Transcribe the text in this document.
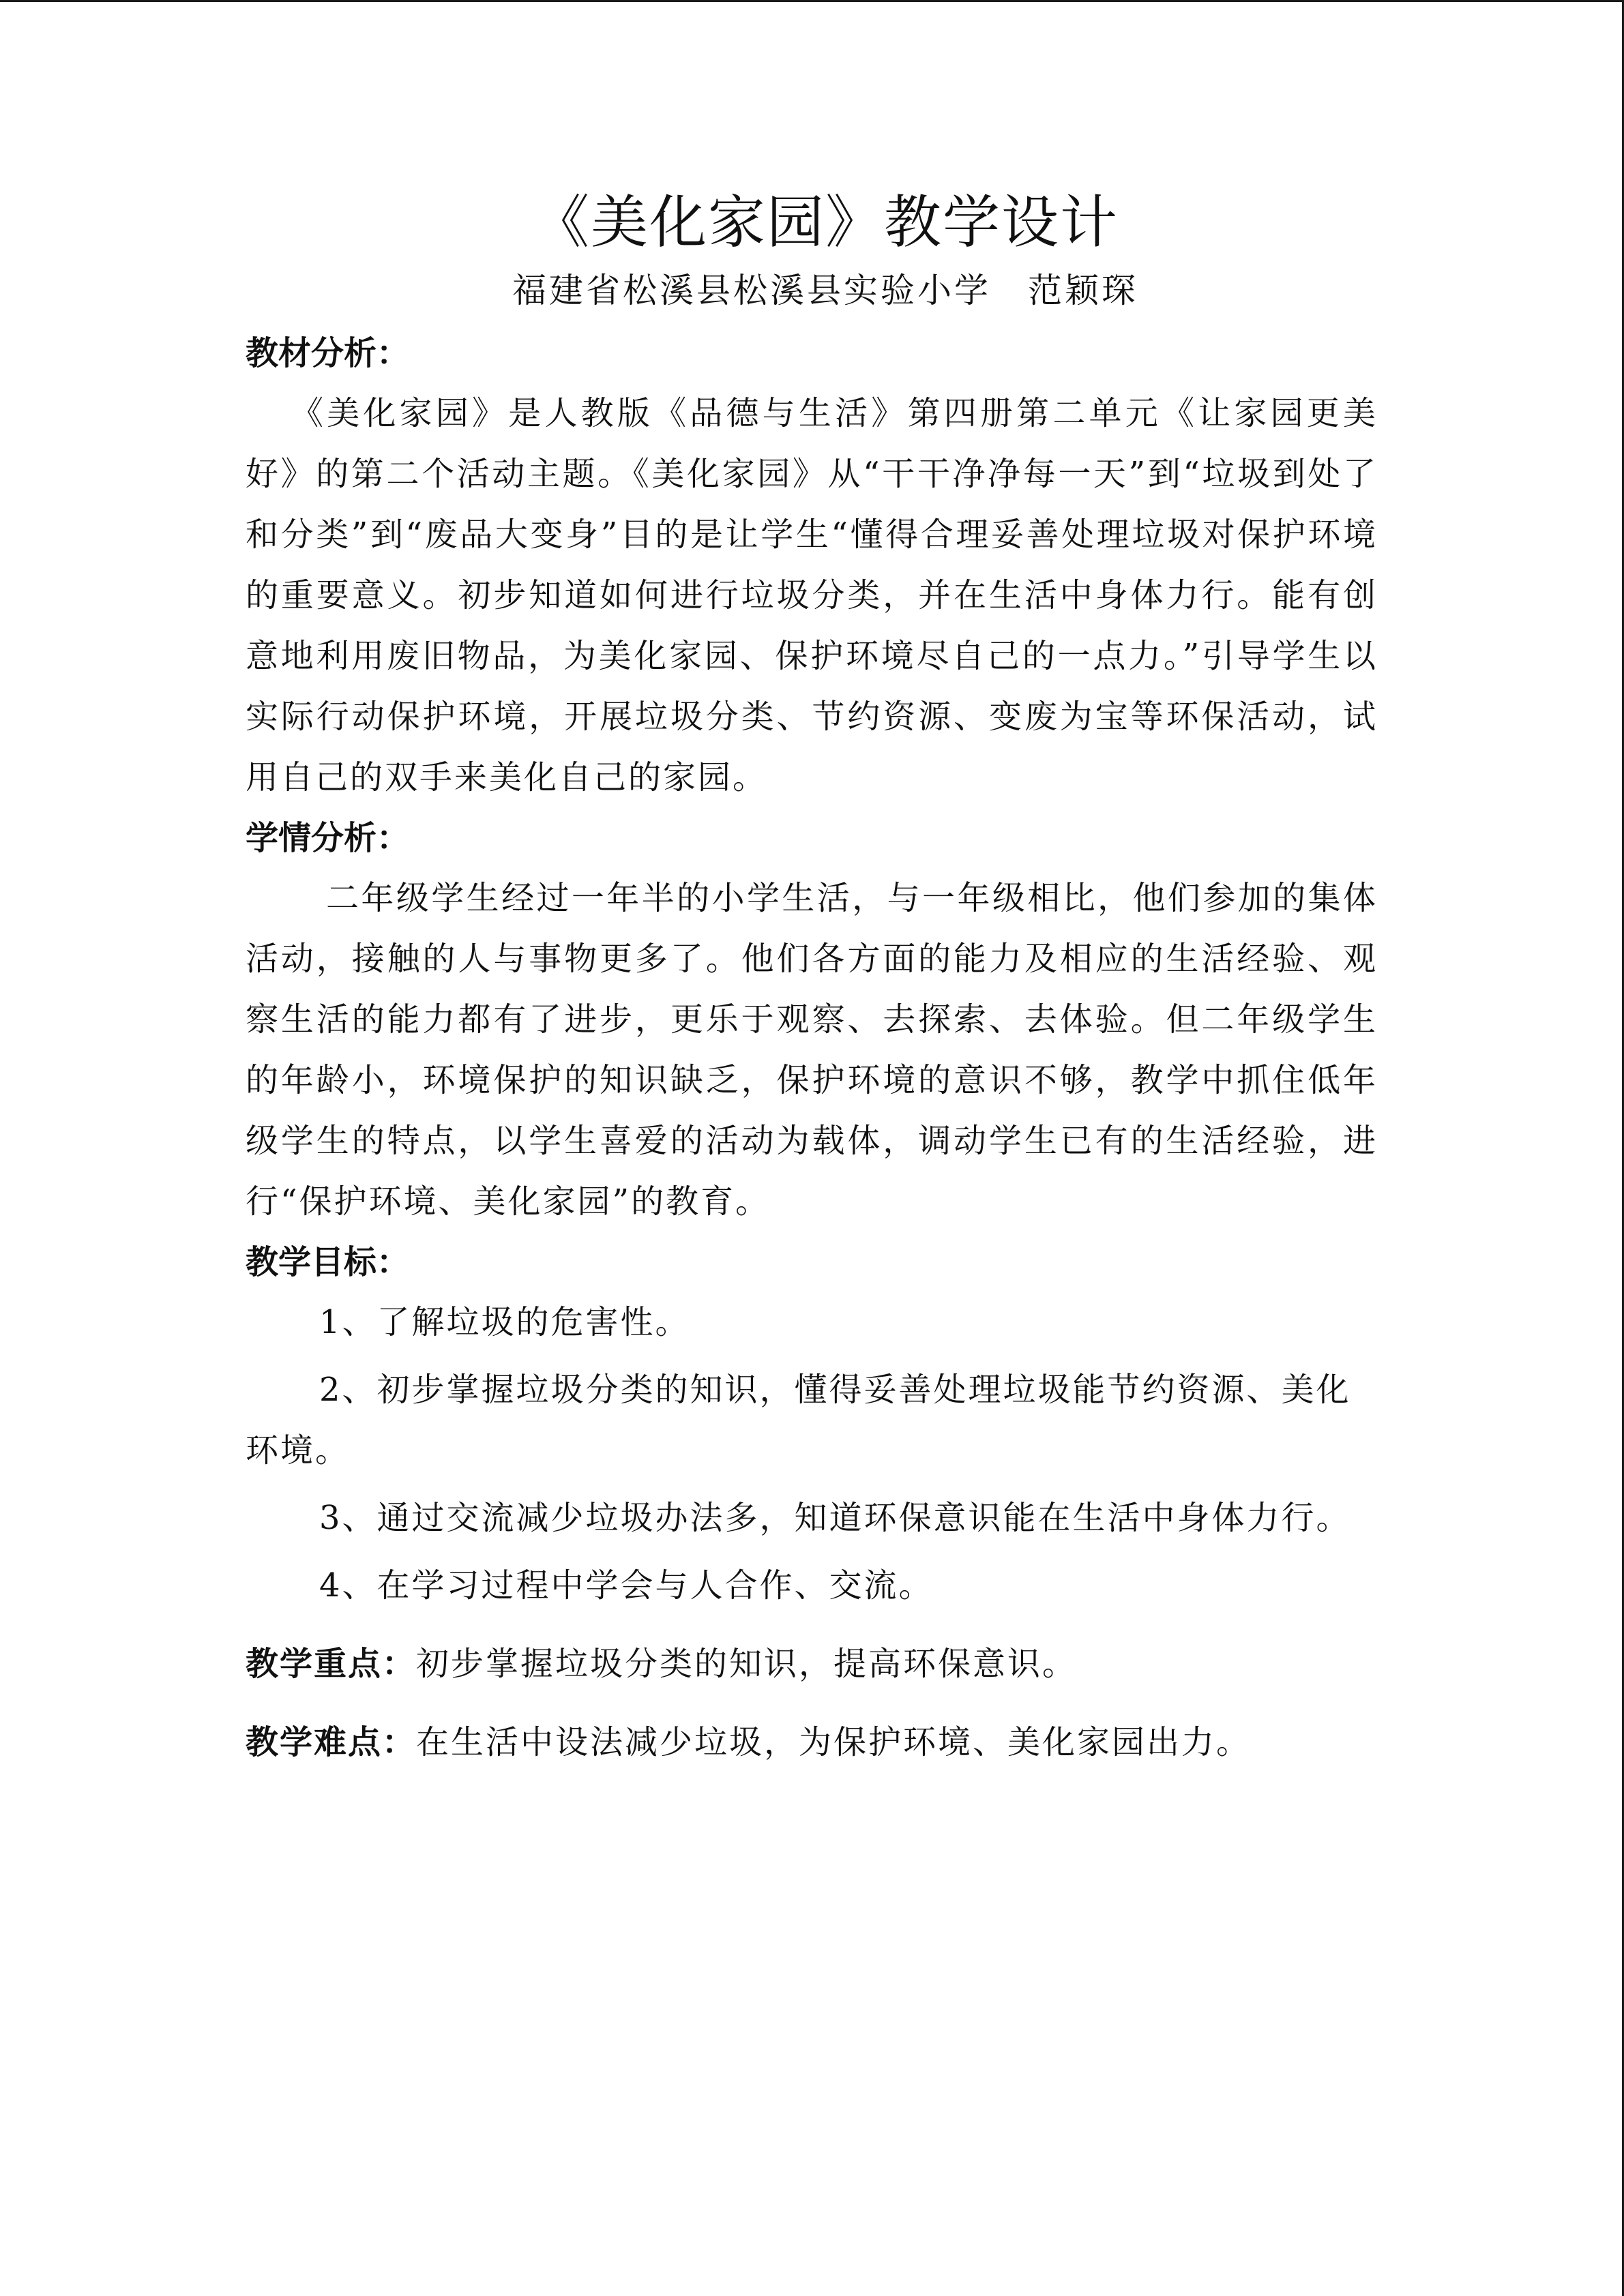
《美化家园》教学设计
福建省松溪县松溪县实验小学　范颖琛
教材分析：

《美化家园》是人教版《品德与生活》第四册第二单元《让家园更美好》的第二个活动主题。《美化家园》从“干干净净每一天”到“垃圾到处了和分类”到“废品大变身”目的是让学生“懂得合理妥善处理垃圾对保护环境的重要意义。初步知道如何进行垃圾分类，并在生活中身体力行。能有创意地利用废旧物品，为美化家园、保护环境尽自己的一点力。”引导学生以实际行动保护环境，开展垃圾分类、节约资源、变废为宝等环保活动，试用自己的双手来美化自己的家园。

学情分析：

二年级学生经过一年半的小学生活，与一年级相比，他们参加的集体活动，接触的人与事物更多了。他们各方面的能力及相应的生活经验、观察生活的能力都有了进步，更乐于观察、去探索、去体验。但二年级学生的年龄小，环境保护的知识缺乏，保护环境的意识不够，教学中抓住低年级学生的特点，以学生喜爱的活动为载体，调动学生已有的生活经验，进行“保护环境、美化家园”的教育。

教学目标：

1、了解垃圾的危害性。

2、初步掌握垃圾分类的知识，懂得妥善处理垃圾能节约资源、美化环境。

3、通过交流减少垃圾办法多，知道环保意识能在生活中身体力行。

4、在学习过程中学会与人合作、交流。

教学重点：初步掌握垃圾分类的知识，提高环保意识。

教学难点：在生活中设法减少垃圾，为保护环境、美化家园出力。
